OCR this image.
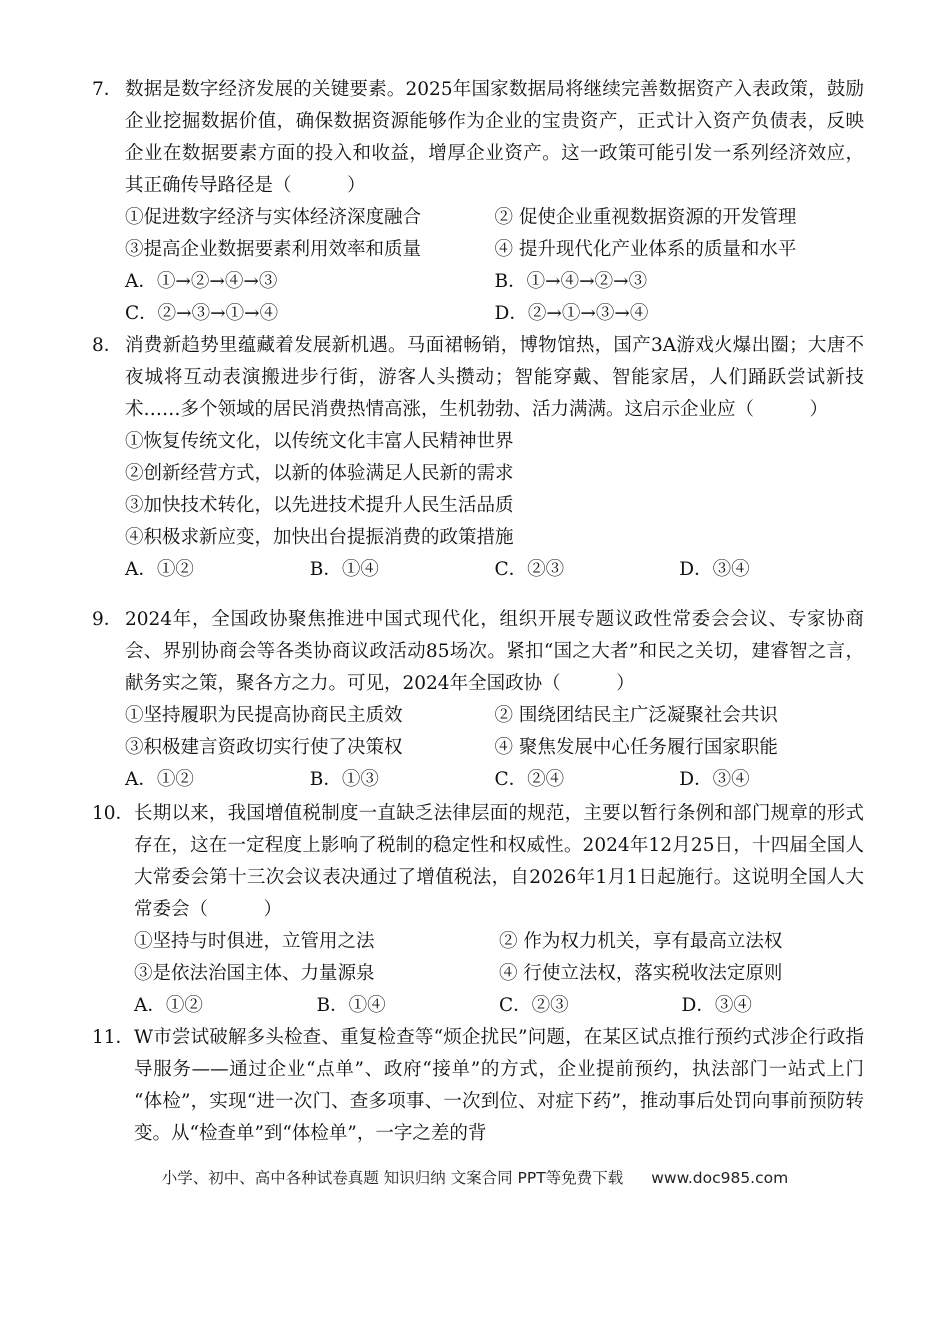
7． 数据是数字经济发展的关键要素。2025年国家数据局将继续完善数据资产入表政策，鼓励企业挖掘数据价值，确保数据资源能够作为企业的宝贵资产，正式计入资产负债表，反映企业在数据要素方面的投入和收益，增厚企业资产。这一政策可能引发一系列经济效应，其正确传导路径是（　　　）
①促进数字经济与实体经济深度融合	② 促使企业重视数据资源的开发管理
③提高企业数据要素利用效率和质量	④ 提升现代化产业体系的质量和水平
A．①→②→④→③	B．①→④→②→③
C．②→③→①→④	D．②→①→③→④
8． 消费新趋势里蕴藏着发展新机遇。马面裙畅销，博物馆热，国产3A游戏火爆出圈；大唐不夜城将互动表演搬进步行街，游客人头攒动；智能穿戴、智能家居，人们踊跃尝试新技术……多个领域的居民消费热情高涨，生机勃勃、活力满满。这启示企业应（　　　）
①恢复传统文化，以传统文化丰富人民精神世界
②创新经营方式，以新的体验满足人民新的需求
③加快技术转化，以先进技术提升人民生活品质
④积极求新应变，加快出台提振消费的政策措施
A．①②	B．①④	C．②③	D．③④
9． 2024年，全国政协聚焦推进中国式现代化，组织开展专题议政性常委会会议、专家协商会、界别协商会等各类协商议政活动85场次。紧扣“国之大者”和民之关切，建睿智之言，献务实之策，聚各方之力。可见，2024年全国政协（　　　）
①坚持履职为民提高协商民主质效	② 围绕团结民主广泛凝聚社会共识
③积极建言资政切实行使了决策权	④ 聚焦发展中心任务履行国家职能
A．①②	B．①③	C．②④	D．③④
10． 长期以来，我国增值税制度一直缺乏法律层面的规范，主要以暂行条例和部门规章的形式 存在，这在一定程度上影响了税制的稳定性和权威性。2024年12月25日，十四届全国人大常委会第十三次会议表决通过了增值税法，自2026年1月1日起施行。这说明全国人大常委会（　　　）
①坚持与时俱进，立管用之法	② 作为权力机关，享有最高立法权
③是依法治国主体、力量源泉	④ 行使立法权，落实税收法定原则
A．①②	B．①④	C．②③	D．③④
11． W市尝试破解多头检查、重复检查等“烦企扰民”问题，在某区试点推行预约式涉企行政指导服务——通过企业“点单”、政府“接单”的方式，企业提前预约，执法部门一站式上门 “体检”，实现“进一次门、查多项事、一次到位、对症下药”，推动事后处罚向事前预防转变。从“检查单”到“体检单”，一字之差的背
小学、初中、高中各种试卷真题 知识归纳 文案合同 PPT等免费下载 www.doc985.com
